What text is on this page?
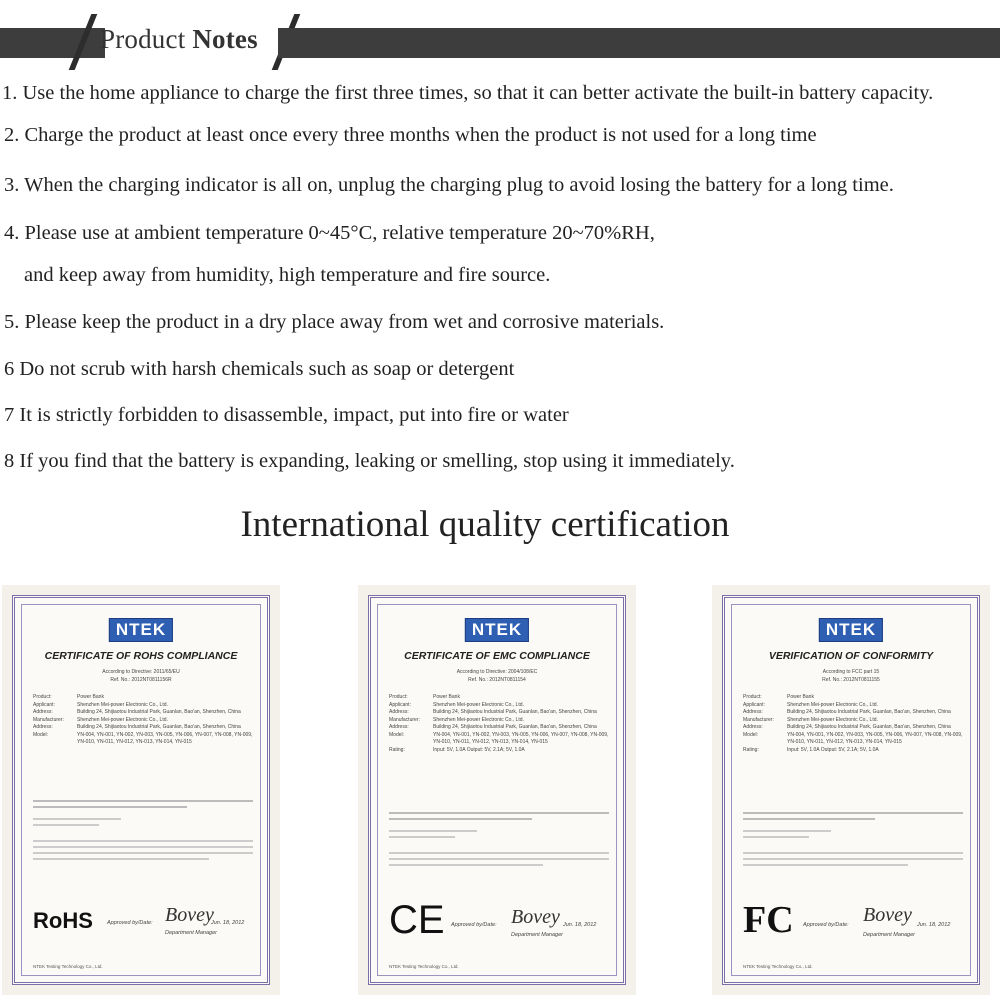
Product Notes
1. Use the home appliance to charge the first three times, so that it can better activate the built-in battery capacity.
2. Charge the product at least once every three months when the product is not used for a long time
3. When the charging indicator is all on, unplug the charging plug to avoid losing the battery for a long time.
4. Please use at ambient temperature 0~45°C, relative temperature 20~70%RH,
and keep away from humidity, high temperature and fire source.
5. Please keep the product in a dry place away from wet and corrosive materials.
6 Do not scrub with harsh chemicals such as soap or detergent
7 It is strictly forbidden to disassemble, impact, put into fire or water
8 If you find that the battery is expanding, leaking or smelling, stop using it immediately.
International quality certification
NTEK
CERTIFICATE OF ROHS COMPLIANCE
According to Directive: 2011/65/EU
Ref. No.: 2012NT0811156R
Product:	Power Bank
Applicant:	Shenzhen Mei-power Electronic Co., Ltd.
Address:	Building 24, Shijiaotou Industrial Park, Guanlan, Bao'an, Shenzhen, China
Manufacturer:	Shenzhen Mei-power Electronic Co., Ltd.
Address:	Building 24, Shijiaotou Industrial Park, Guanlan, Bao'an, Shenzhen, China
Model:	YN-004, YN-001, YN-002, YN-003, YN-005, YN-006, YN-007, YN-008, YN-009, YN-010, YN-011, YN-012, YN-013, YN-014, YN-015
RoHS	Approved by/Date: Bovey
Jun. 18, 2012
Department Manager
NTEK Testing Technology Co., Ltd.
NTEK
CERTIFICATE OF EMC COMPLIANCE
According to Directive: 2004/108/EC
Ref. No.: 2012NT0811154
Product:	Power Bank
Applicant:	Shenzhen Mei-power Electronic Co., Ltd.
Address:	Building 24, Shijiaotou Industrial Park, Guanlan, Bao'an, Shenzhen, China
Manufacturer:	Shenzhen Mei-power Electronic Co., Ltd.
Address:	Building 24, Shijiaotou Industrial Park, Guanlan, Bao'an, Shenzhen, China
Model:	YN-004, YN-001, YN-002, YN-003, YN-005, YN-006, YN-007, YN-008, YN-009, YN-010, YN-011, YN-012, YN-013, YN-014, YN-015
Rating:	Input: 5V, 1.0A Output: 5V, 2.1A; 5V, 1.0A
CE Approved by/Date: Bovey Jun. 18, 2012
Department Manager
NTEK Testing Technology Co., Ltd.
NTEK
VERIFICATION OF CONFORMITY
According to FCC part 15
Ref. No.: 2012NT0811155
Product:	Power Bank
Applicant:	Shenzhen Mei-power Electronic Co., Ltd.
Address:	Building 24, Shijiaotou Industrial Park, Guanlan, Bao'an, Shenzhen, China
Manufacturer:	Shenzhen Mei-power Electronic Co., Ltd.
Address:	Building 24, Shijiaotou Industrial Park, Guanlan, Bao'an, Shenzhen, China
Model:	YN-004, YN-001, YN-002, YN-003, YN-005, YN-006, YN-007, YN-008, YN-009, YN-010, YN-011, YN-012, YN-013, YN-014, YN-015
Rating:	Input: 5V, 1.0A Output: 5V, 2.1A; 5V, 1.0A
FC Approved by/Date: Bovey Jun. 18, 2012
Department Manager
NTEK Testing Technology Co., Ltd.
